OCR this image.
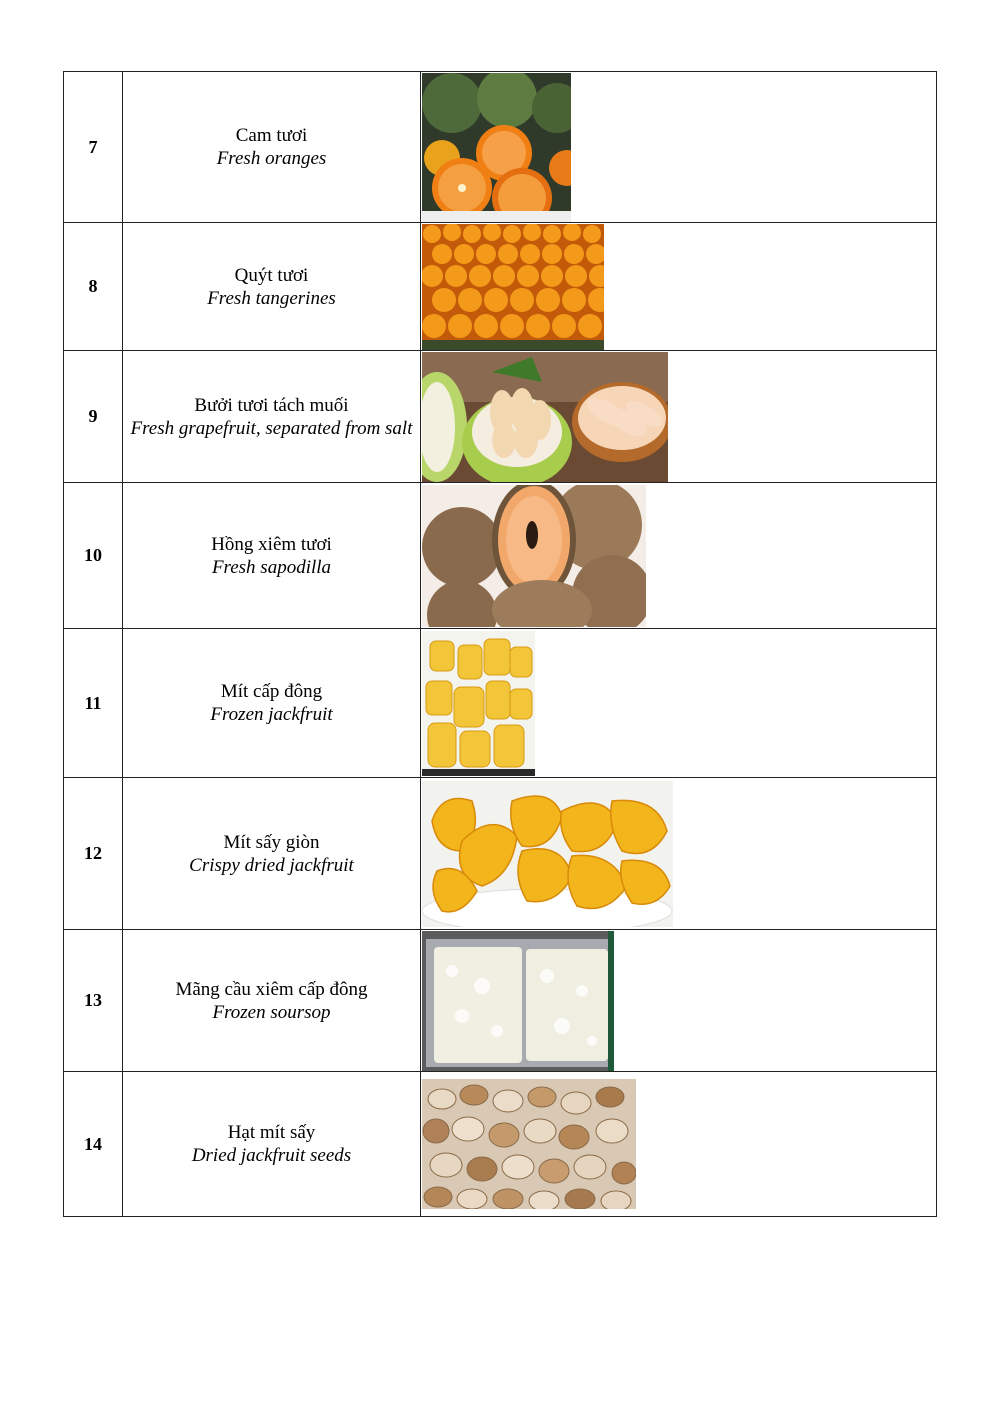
7	Cam tươi
Fresh oranges

8	Quýt tươi
Fresh tangerines

9	Bưởi tươi tách muối
Fresh grapefruit, separated from salt

10	Hồng xiêm tươi
Fresh sapodilla

11	Mít cấp đông
Frozen jackfruit

12	Mít sấy giòn
Crispy dried jackfruit

13	Mãng cầu xiêm cấp đông
Frozen soursop

14	Hạt mít sấy
Dried jackfruit seeds
